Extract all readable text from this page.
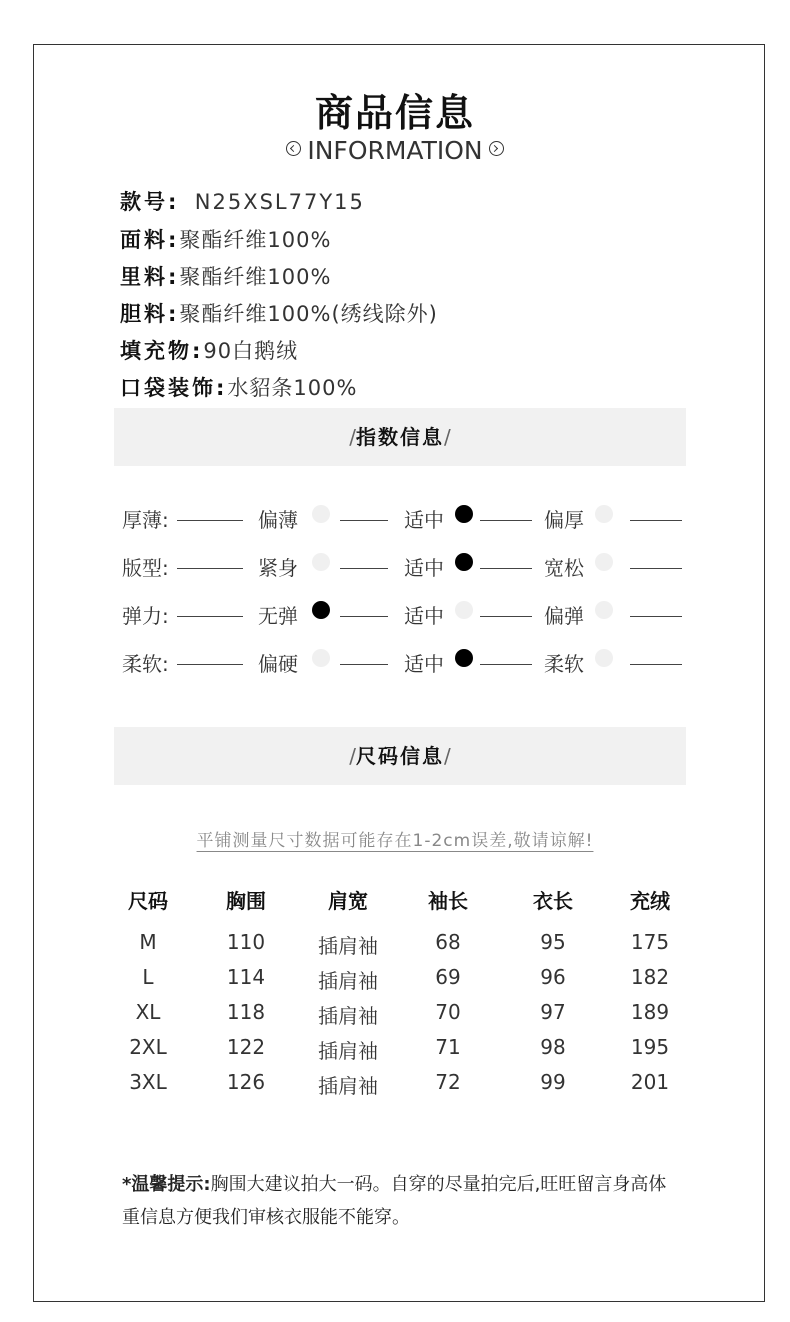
商品信息
INFORMATION
款号: N25XSL77Y15
面料:聚酯纤维100%
里料:聚酯纤维100%
胆料:聚酯纤维100%(绣线除外)
填充物:90白鹅绒
口袋装饰:水貂条100%
/指数信息/
厚薄:	偏薄	适中	偏厚
版型:	紧身	适中	宽松
弹力:	无弹	适中	偏弹
柔软:	偏硬	适中	柔软
/尺码信息/
平铺测量尺寸数据可能存在1-2cm误差,敬请谅解!
尺码	胸围	肩宽	袖长	衣长	充绒
M	110	插肩袖	68	95	175
L	114	插肩袖	69	96	182
XL	118	插肩袖	70	97	189
2XL	122	插肩袖	71	98	195
3XL	126	插肩袖	72	99	201
*温馨提示:胸围大建议拍大一码。自穿的尽量拍完后,旺旺留言身高体重信息方便我们审核衣服能不能穿。
